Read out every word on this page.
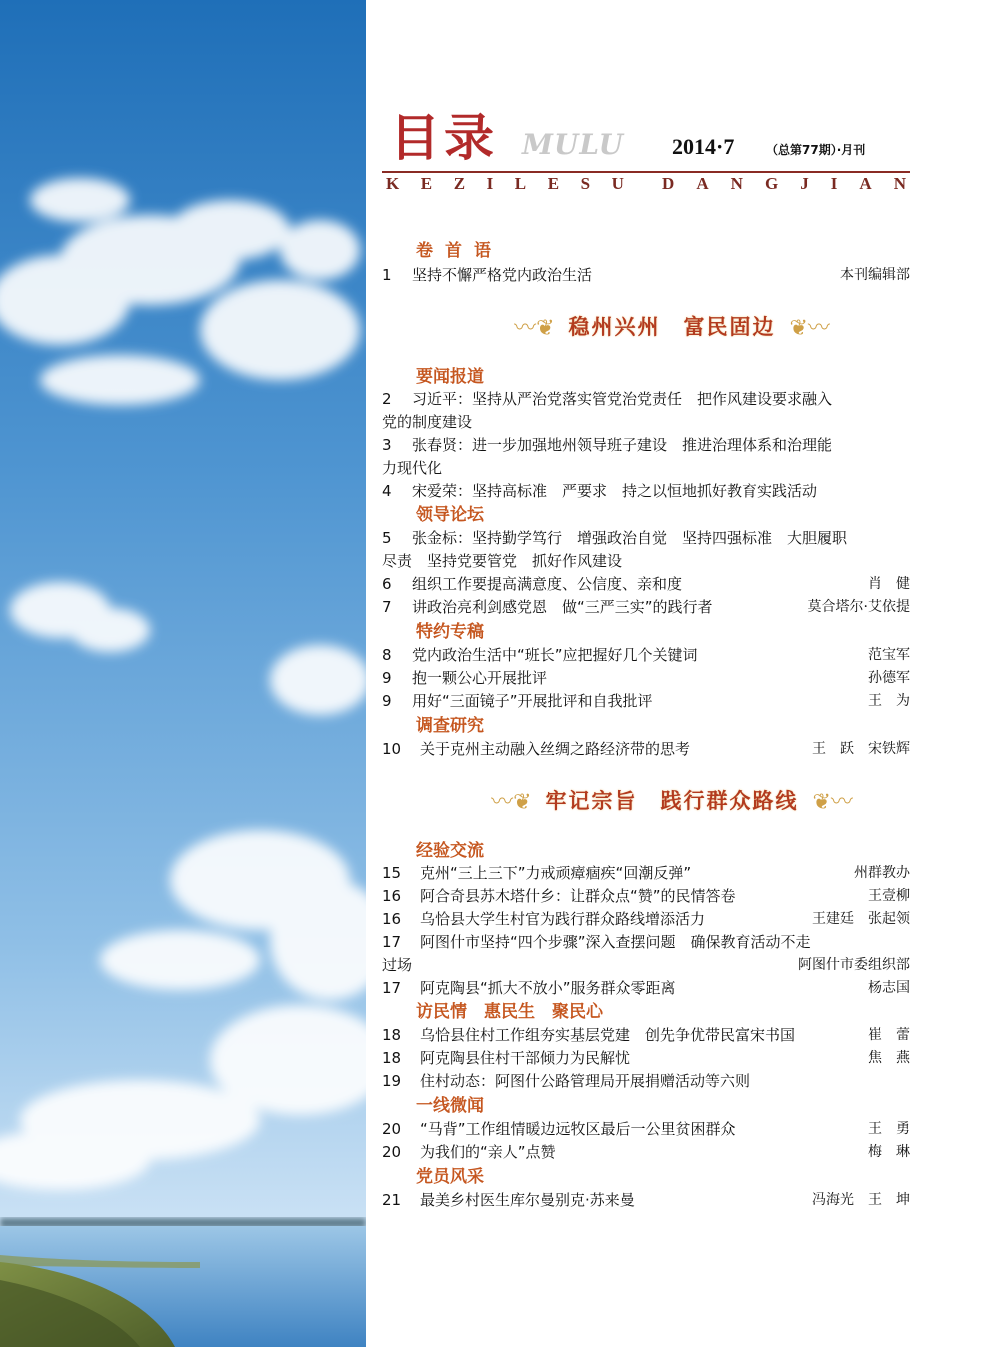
目录 MULU 2014·7	（总第77期）·月刊
K E Z I L E S U D A N G J I A N
卷首语
1	坚持不懈严格党内政治生活	本刊编辑部
〰❦ 稳州兴州　富民固边 ❦〰
要闻报道
2	习近平：坚持从严治党落实管党治党责任　把作风建设要求融入
党的制度建设
3	张春贤：进一步加强地州领导班子建设　推进治理体系和治理能
力现代化
4	宋爱荣：坚持高标准　严要求　持之以恒地抓好教育实践活动
领导论坛
5	张金标：坚持勤学笃行　增强政治自觉　坚持四强标准　大胆履职
尽责　坚持党要管党　抓好作风建设
6	组织工作要提高满意度、公信度、亲和度	肖　健
7	讲政治亮利剑感党恩　做“三严三实”的践行者	莫合塔尔·艾依提
特约专稿
8	党内政治生活中“班长”应把握好几个关键词	范宝军
9	抱一颗公心开展批评	孙德军
9	用好“三面镜子”开展批评和自我批评	王　为
调查研究
10	关于克州主动融入丝绸之路经济带的思考	王　跃　宋铁辉
〰❦ 牢记宗旨　践行群众路线 ❦〰
经验交流
15	克州“三上三下”力戒顽瘴痼疾“回潮反弹”	州群教办
16	阿合奇县苏木塔什乡：让群众点“赞”的民情答卷	王壹柳
16	乌恰县大学生村官为践行群众路线增添活力	王建廷　张起领
17	阿图什市坚持“四个步骤”深入查摆问题　确保教育活动不走
过场	阿图什市委组织部
17	阿克陶县“抓大不放小”服务群众零距离	杨志国
访民情　惠民生　聚民心
18	乌恰县住村工作组夯实基层党建　创先争优带民富宋书国	崔　蕾
18	阿克陶县住村干部倾力为民解忧	焦　燕
19	住村动态：阿图什公路管理局开展捐赠活动等六则
一线微闻
20	“马背”工作组情暖边远牧区最后一公里贫困群众	王　勇
20	为我们的“亲人”点赞	梅　琳
党员风采
21	最美乡村医生库尔曼别克·苏来曼	冯海光　王　坤
